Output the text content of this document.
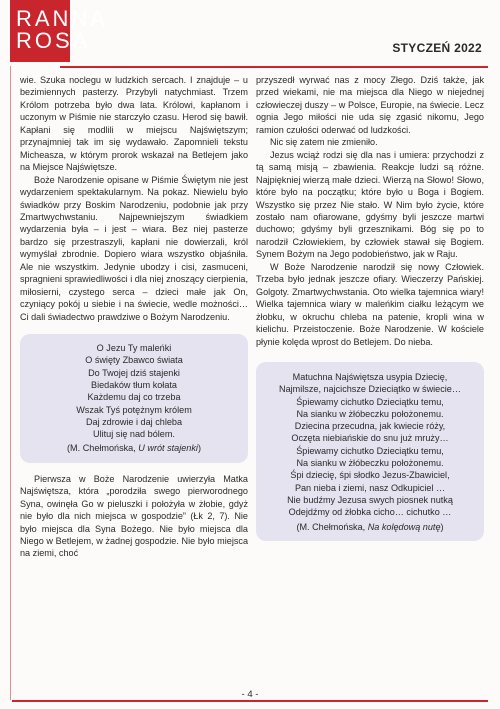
RANNA
ROSA	STYCZEŃ 2022

wie. Szuka noclegu w ludzkich sercach. I znajduje – u bezimiennych pasterzy. Przybyli natychmiast. Trzem Królom potrzeba było dwa lata. Królowi, kapłanom i uczonym w Piśmie nie starczyło czasu. Herod się bawił. Kapłani się modlili w miejscu Najświętszym; przynajmniej tak im się wydawało. Zapomnieli tekstu Micheasza, w którym prorok wskazał na Betlejem jako na Miejsce Najświętsze.

Boże Narodzenie opisane w Piśmie Świętym nie jest wydarzeniem spektakularnym. Na pokaz. Niewielu było świadków przy Boskim Narodzeniu, podobnie jak przy Zmartwychwstaniu. Najpewniejszym świadkiem wydarzenia była – i jest – wiara. Bez niej pasterze bardzo się przestraszyli, kapłani nie dowierzali, król wymyślał zbrodnie. Dopiero wiara wszystko objaśniła. Ale nie wszystkim. Jedynie ubodzy i cisi, zasmuceni, spragnieni sprawiedliwości i dla niej znoszący cierpienia, miłosierni, czystego serca – dzieci małe jak On, czyniący pokój u siebie i na świecie, wedle możności… Ci dali świadectwo prawdziwe o Bożym Narodzeniu.

O Jezu Ty maleńki
O święty Zbawco świata
Do Twojej dziś stajenki
Biedaków tłum kołata
Każdemu daj co trzeba
Wszak Tyś potężnym królem
Daj zdrowie i daj chleba
Ulituj się nad bólem.
(M. Chełmońska, U wrót stajenki)

Pierwsza w Boże Narodzenie uwierzyła Matka Najświętsza, która „porodziła swego pierworodnego Syna, owinęła Go w pieluszki i położyła w żłobie, gdyż nie było dla nich miejsca w gospodzie” (Łk 2, 7). Nie było miejsca dla Syna Bożego. Nie było miejsca dla Niego w Betlejem, w żadnej gospodzie. Nie było miejsca na ziemi, choć

przyszedł wyrwać nas z mocy Złego. Dziś także, jak przed wiekami, nie ma miejsca dla Niego w niejednej człowieczej duszy – w Polsce, Europie, na świecie. Lecz ognia Jego miłości nie uda się zgasić nikomu, Jego ramion czułości oderwać od ludzkości.

Nic się zatem nie zmieniło.

Jezus wciąż rodzi się dla nas i umiera: przychodzi z tą samą misją – zbawienia. Reakcje ludzi są różne. Najpiękniej wierzą małe dzieci. Wierzą na Słowo! Słowo, które było na początku; które było u Boga i Bogiem. Wszystko się przez Nie stało. W Nim było życie, które zostało nam ofiarowane, gdyśmy byli jeszcze martwi duchowo; gdyśmy byli grzesznikami. Bóg się po to narodził Człowiekiem, by człowiek stawał się Bogiem. Synem Bożym na Jego podobieństwo, jak w Raju.

W Boże Narodzenie narodził się nowy Człowiek. Trzeba było jednak jeszcze ofiary. Wieczerzy Pańskiej. Golgoty. Zmartwychwstania. Oto wielka tajemnica wiary! Wielka tajemnica wiary w maleńkim ciałku leżącym we żłobku, w okruchu chleba na patenie, kropli wina w kielichu. Przeistoczenie. Boże Narodzenie. W kościele płynie kolęda wprost do Betlejem. Do nieba.

Matuchna Najświętsza usypia Dziecię,
Najmilsze, najcichsze Dzieciątko w świecie…
Śpiewamy cichutko Dzieciątku temu,
Na sianku w żłóbeczku położonemu.
Dziecina przecudna, jak kwiecie róży,
Oczęta niebiańskie do snu już mruży…
Śpiewamy cichutko Dzieciątku temu,
Na sianku w żłóbeczku położonemu.
Śpi dziecię, śpi słodko Jezus-Zbawiciel,
Pan nieba i ziemi, nasz Odkupiciel …
Nie budźmy Jezusa swych piosnek nutką
Odejdźmy od żłobka cicho… cichutko …
(M. Chełmońska, Na kolędową nutę)
- 4 -
